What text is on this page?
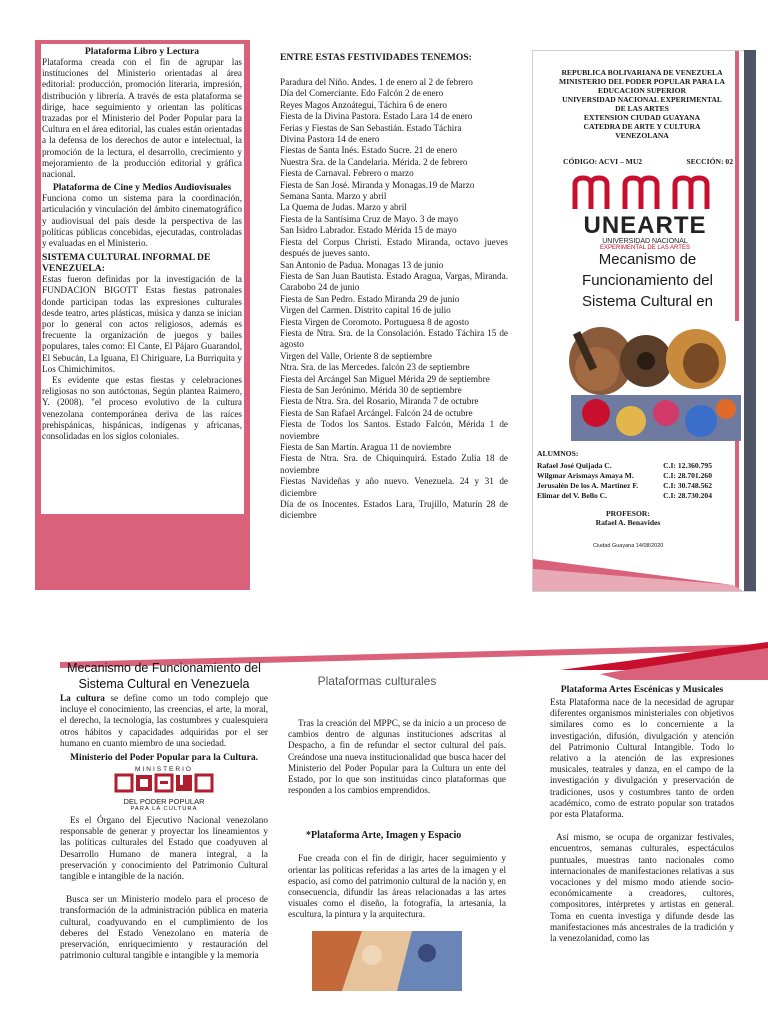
Plataforma Libro y Lectura

Plataforma creada con el fin de agrupar las instituciones del Ministerio orientadas al área editorial: producción, promoción literaria, impresión, distribución y librería. A través de esta plataforma se dirige, hace seguimiento y orientan las políticas trazadas por el Ministerio del Poder Popular para la Cultura en el área editorial, las cuales están orientadas a la defensa de los derechos de autor e intelectual, la promoción de la lectura, el desarrollo, crecimiento y mejoramiento de la producción editorial y gráfica nacional.

Plataforma de Cine y Medios Audiovisuales

Funciona como un sistema para la coordinación, articulación y vinculación del ámbito cinematográfico y audiovisual del país desde la perspectiva de las políticas públicas concebidas, ejecutadas, controladas y evaluadas en el Ministerio.

SISTEMA CULTURAL INFORMAL DE VENEZUELA:

Estas fueron definidas por la investigación de la FUNDACION BIGOTT Estas fiestas patronales donde participan todas las expresiones culturales desde teatro, artes plásticas, música y danza se inician por lo general con actos religiosos, además es frecuente la organización de juegos y bailes populares, tales como: El Cante, El Pájaro Guarandol, El Sebucán, La Iguana, El Chiriguare, La Burriquita y Los Chimichimitos.

Es evidente que estas fiestas y celebraciones religiosas no son autóctonas, Según plantea Raimero, Y. (2008). "el proceso evolutivo de la cultura venezolana contemporánea deriva de las raíces prehispánicas, hispánicas, indígenas y africanas, consolidadas en los siglos coloniales.

ENTRE ESTAS FESTIVIDADES TENEMOS:

Paradura del Niño. Andes. 1 de enero al 2 de febrero
Día del Comerciante. Edo Falcón 2 de enero
Reyes Magos Anzoátegui, Táchira 6 de enero
Fiesta de la Divina Pastora. Estado Lara 14 de enero
Ferias y Fiestas de San Sebastián. Estado Táchira
Divina Pastora 14 de enero
Fiestas de Santa Inés. Estado Sucre. 21 de enero
Nuestra Sra. de la Candelaria. Mérida. 2 de febrero
Fiesta de Carnaval. Febrero o marzo
Fiesta de San José. Miranda y Monagas.19 de Marzo
Semana Santa. Marzo y abril
La Quema de Judas. Marzo y abril
Fiesta de la Santísima Cruz de Mayo. 3 de mayo
San Isidro Labrador. Estado Mérida 15 de mayo
Fiesta del Corpus Christi. Estado Miranda, octavo jueves después de jueves santo.
San Antonio de Padua. Monagas 13 de junio
Fiesta de San Juan Bautista. Estado Aragua, Vargas, Miranda. Carabobo 24 de junio
Fiesta de San Pedro. Estado Miranda 29 de junio
Virgen del Carmen. Distrito capital 16 de julio
Fiesta Virgen de Coromoto. Portuguesa 8 de agosto
Fiesta de Ntra. Sra. de la Consolación. Estado Táchira 15 de agosto
Virgen del Valle, Oriente 8 de septiembre
Ntra. Sra. de las Mercedes. falcón 23 de septiembre
Fiesta del Arcángel San Miguel Mérida 29 de septiembre
Fiesta de San Jerónimo. Mérida 30 de septiembre
Fiesta de Ntra. Sra. del Rosario, Miranda 7 de octubre
Fiesta de San Rafael Arcángel. Falcón 24 de octubre
Fiesta de Todos los Santos. Estado Falcón, Mérida 1 de noviembre
Fiesta de San Martín. Aragua 11 de noviembre
Fiesta de Ntra. Sra. de Chiquinquirá. Estado Zulia 18 de noviembre
Fiestas Navideñas y año nuevo. Venezuela. 24 y 31 de diciembre
Día de os Inocentes. Estados Lara, Trujillo, Maturín 28 de diciembre
REPUBLICA BOLIVARIANA DE VENEZUELA
MINISTERIO DEL PODER POPULAR PARA LA EDUCACION SUPERIOR
UNIVERSIDAD NACIONAL EXPERIMENTAL DE LAS ARTES
EXTENSION CIUDAD GUAYANA
CATEDRA DE ARTE Y CULTURA VENEZOLANA
CÓDIGO: ACVI – MU2	SECCIÓN: 02
UNEARTE
UNIVERSIDAD NACIONAL
EXPERIMENTAL DE LAS ARTES
Mecanismo de Funcionamiento del Sistema Cultural en
ALUMNOS:
Rafael José Quijada C.	C.I: 12.360.795
Wilgmar Arismays Amaya M.	C.I: 28.701.260
Jerusalén De los A. Martínez F.	C.I: 30.748.562
Elimar del V. Bello C.	C.I: 28.730.204
PROFESOR:
Rafael A. Benavides
Ciudad Guayana 14/08/2020
Mecanismo de Funcionamiento del Sistema Cultural en Venezuela

La cultura se define como un todo complejo que incluye el conocimiento, las creencias, el arte, la moral, el derecho, la tecnología, las costumbres y cualesquiera otros hábitos y capacidades adquiridas por el ser humano en cuanto miembro de una sociedad.

Ministerio del Poder Popular para la Cultura.

MINISTERIO
DEL PODER POPULAR
PARA LA CULTURA

Es el Órgano del Ejecutivo Nacional venezolano responsable de generar y proyectar los lineamientos y las políticas culturales del Estado que coadyuven al Desarrollo Humano de manera integral, a la preservación y conocimiento del Patrimonio Cultural tangible e intangible de la nación.

Busca ser un Ministerio modelo para el proceso de transformación de la administración pública en materia cultural, coadyuvando en el cumplimiento de los deberes del Estado Venezolano en materia de preservación, enriquecimiento y restauración del patrimonio cultural tangible e intangible y la memoria

Plataformas culturales

Tras la creación del MPPC, se da inicio a un proceso de cambios dentro de algunas instituciones adscritas al Despacho, a fin de refundar el sector cultural del país. Creándose una nueva institucionalidad que busca hacer del Ministerio del Poder Popular para la Cultura un ente del Estado, por lo que son instituidas cinco plataformas que responden a los cambios emprendidos.

*Plataforma Arte, Imagen y Espacio

Fue creada con el fin de dirigir, hacer seguimiento y orientar las políticas referidas a las artes de la imagen y el espacio, así como del patrimonio cultural de la nación y, en consecuencia, difundir las áreas relacionadas a las artes visuales como el diseño, la fotografía, la artesanía, la escultura, la pintura y la arquitectura.

Plataforma Artes Escénicas y Musicales

Esta Plataforma nace de la necesidad de agrupar diferentes organismos ministeriales con objetivos similares como es lo concerniente a la investigación, difusión, divulgación y atención del Patrimonio Cultural Intangible. Todo lo relativo a la atención de las expresiones musicales, teatrales y danza, en el campo de la investigación y divulgación y preservación de tradiciones, usos y costumbres tanto de orden académico, como de estrato popular son tratados por esta Plataforma.

Así mismo, se ocupa de organizar festivales, encuentros, semanas culturales, espectáculos puntuales, muestras tanto nacionales como internacionales de manifestaciones relativas a sus vocaciones y del mismo modo atiende socio-económicamente a creadores, cultores, compositores, intérpretes y artistas en general. Toma en cuenta investiga y difunde desde las manifestaciones más ancestrales de la tradición y la venezolanidad, como las
